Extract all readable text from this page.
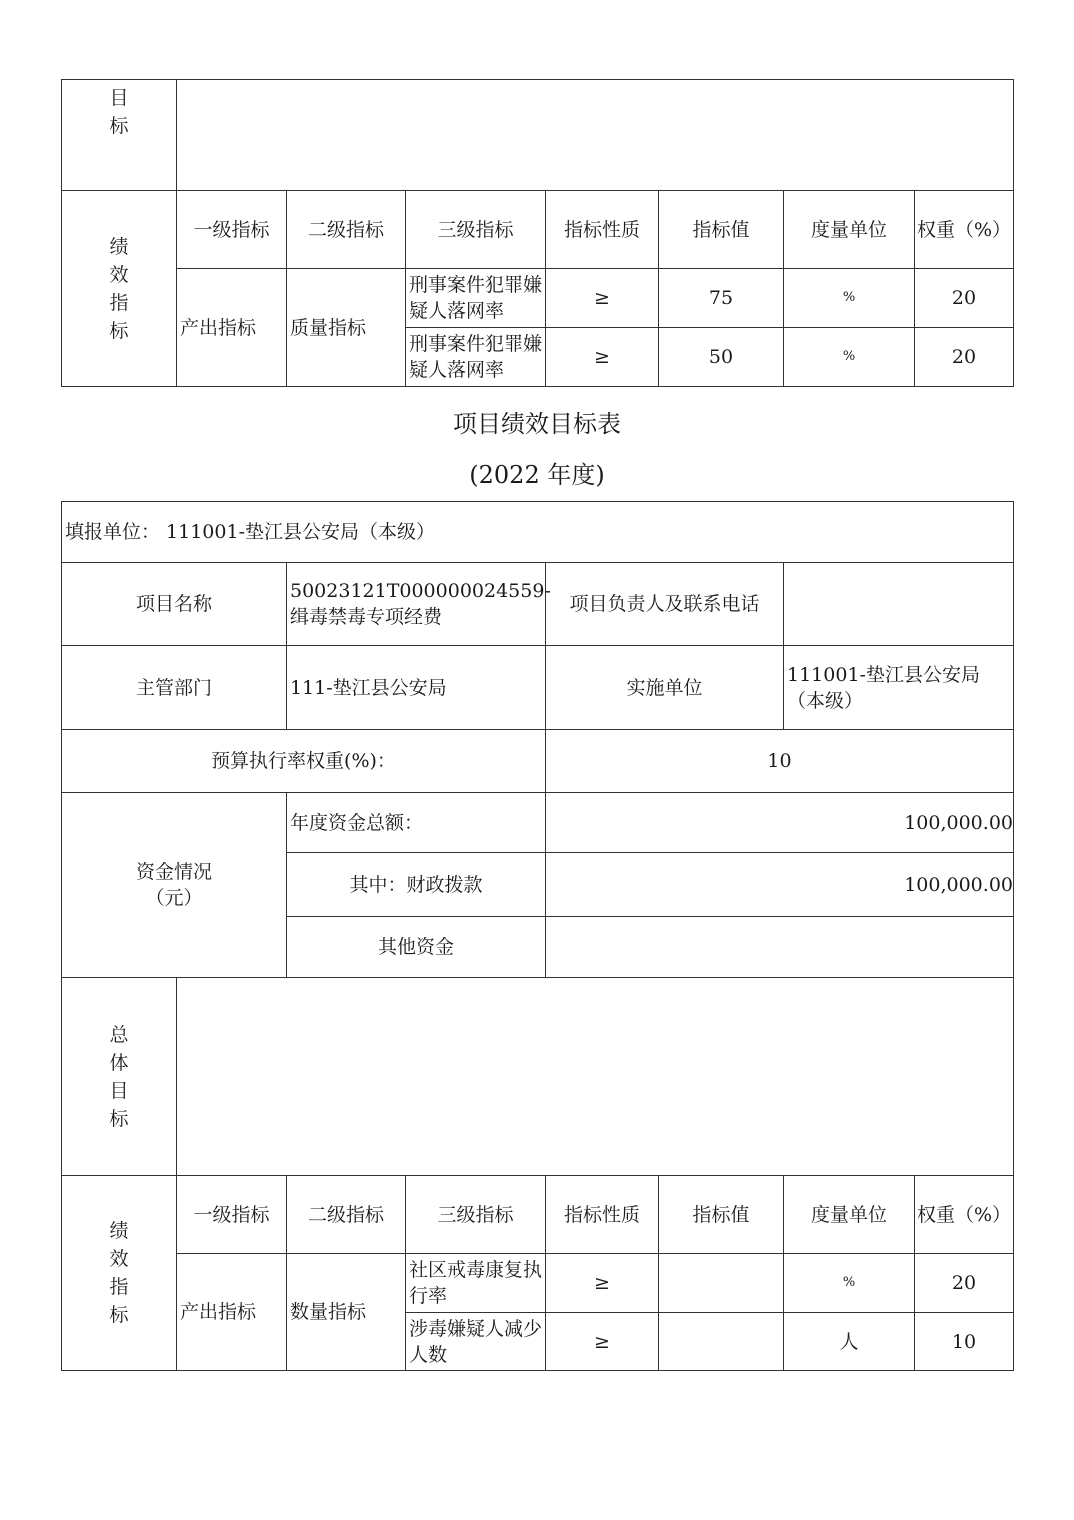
目
标							

绩
效
指
标	一级指标	二级指标	三级指标	指标性质	指标值	度量单位	权重（%）
	产出指标	质量指标	刑事案件犯罪嫌疑人落网率	≥	75	%	20
			刑事案件犯罪嫌疑人落网率	≥	50	%	20
项目绩效目标表
(2022 年度)
填报单位： 111001-垫江县公安局（本级）							
项目名称		50023121T000000024559-缉毒禁毒专项经费		项目负责人及联系电话			
主管部门		111-垫江县公安局		实施单位		111001-垫江县公安局（本级）	
预算执行率权重(%)：				10			

资金情况
（元）		年度资金总额：		100,000.00			
		其中：财政拨款		100,000.00			
		其他资金					

总
体
目
标							

绩
效
指
标	一级指标	二级指标	三级指标	指标性质	指标值	度量单位	权重（%）
	产出指标	数量指标	社区戒毒康复执行率	≥		%	20
			涉毒嫌疑人减少人数	≥		人	10
